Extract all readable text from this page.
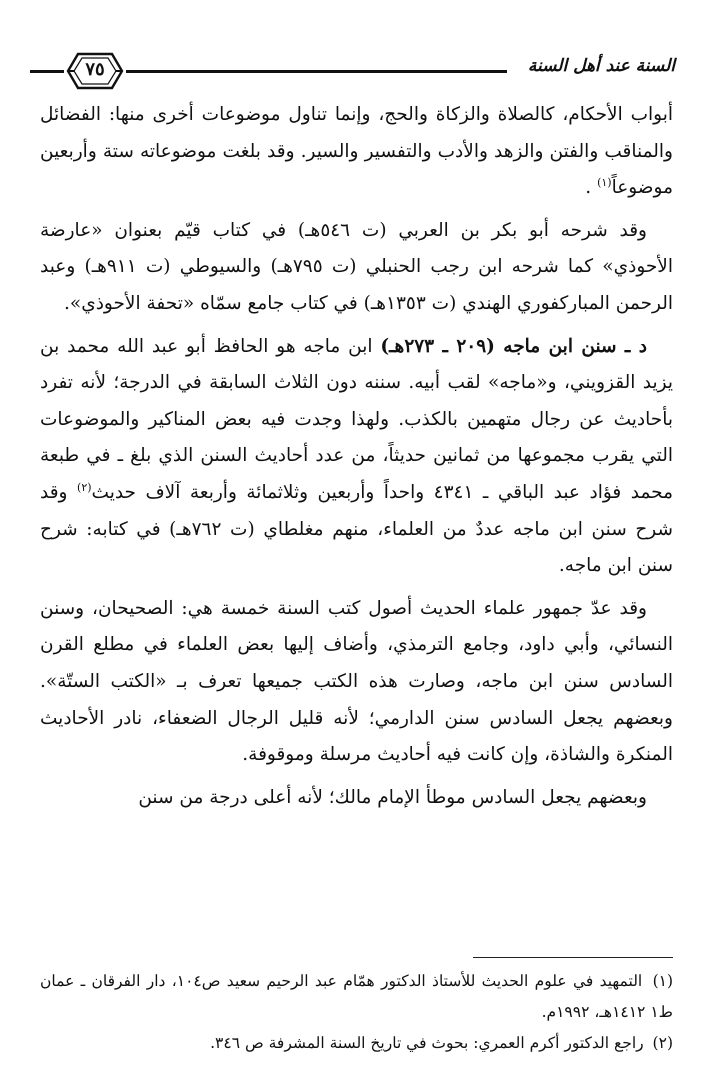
السنة عند أهل السنة
٧٥

أبواب الأحكام، كالصلاة والزكاة والحج، وإنما تناول موضوعات أخرى منها: الفضائل والمناقب والفتن والزهد والأدب والتفسير والسير. وقد بلغت موضوعاته ستة وأربعين موضوعاً$^{(١)}$ .

وقد شرحه أبو بكر بن العربي (ت ٥٤٦هـ) في كتاب قيّم بعنوان «عارضة الأحوذي» كما شرحه ابن رجب الحنبلي (ت ٧٩٥هـ) والسيوطي (ت ٩١١هـ) وعبد الرحمن المباركفوري الهندي (ت ١٣٥٣هـ) في كتاب جامع سمّاه «تحفة الأحوذي».

د ـ سنن ابن ماجه (٢٠٩ ـ ٢٧٣هـ) ابن ماجه هو الحافظ أبو عبد الله محمد بن يزيد القزويني، و«ماجه» لقب أبيه. سننه دون الثلاث السابقة في الدرجة؛ لأنه تفرد بأحاديث عن رجال متهمين بالكذب. ولهذا وجدت فيه بعض المناكير والموضوعات التي يقرب مجموعها من ثمانين حديثاً، من عدد أحاديث السنن الذي بلغ ـ في طبعة محمد فؤاد عبد الباقي ـ ٤٣٤١ واحداً وأربعين وثلاثمائة وأربعة آلاف حديث$^{(٢)}$ وقد شرح سنن ابن ماجه عددٌ من العلماء، منهم مغلطاي (ت ٧٦٢هـ) في كتابه: شرح سنن ابن ماجه.

وقد عدّ جمهور علماء الحديث أصول كتب السنة خمسة هي: الصحيحان، وسنن النسائي، وأبي داود، وجامع الترمذي، وأضاف إليها بعض العلماء في مطلع القرن السادس سنن ابن ماجه، وصارت هذه الكتب جميعها تعرف بـ «الكتب الستّة». وبعضهم يجعل السادس سنن الدارمي؛ لأنه قليل الرجال الضعفاء، نادر الأحاديث المنكرة والشاذة، وإن كانت فيه أحاديث مرسلة وموقوفة.

وبعضهم يجعل السادس موطأ الإمام مالك؛ لأنه أعلى درجة من سنن

(١) التمهيد في علوم الحديث للأستاذ الدكتور همّام عبد الرحيم سعيد ص١٠٤، دار الفرقان ـ عمان ط١ ١٤١٢هـ، ١٩٩٢م.

(٢) راجع الدكتور أكرم العمري: بحوث في تاريخ السنة المشرفة ص ٣٤٦.
